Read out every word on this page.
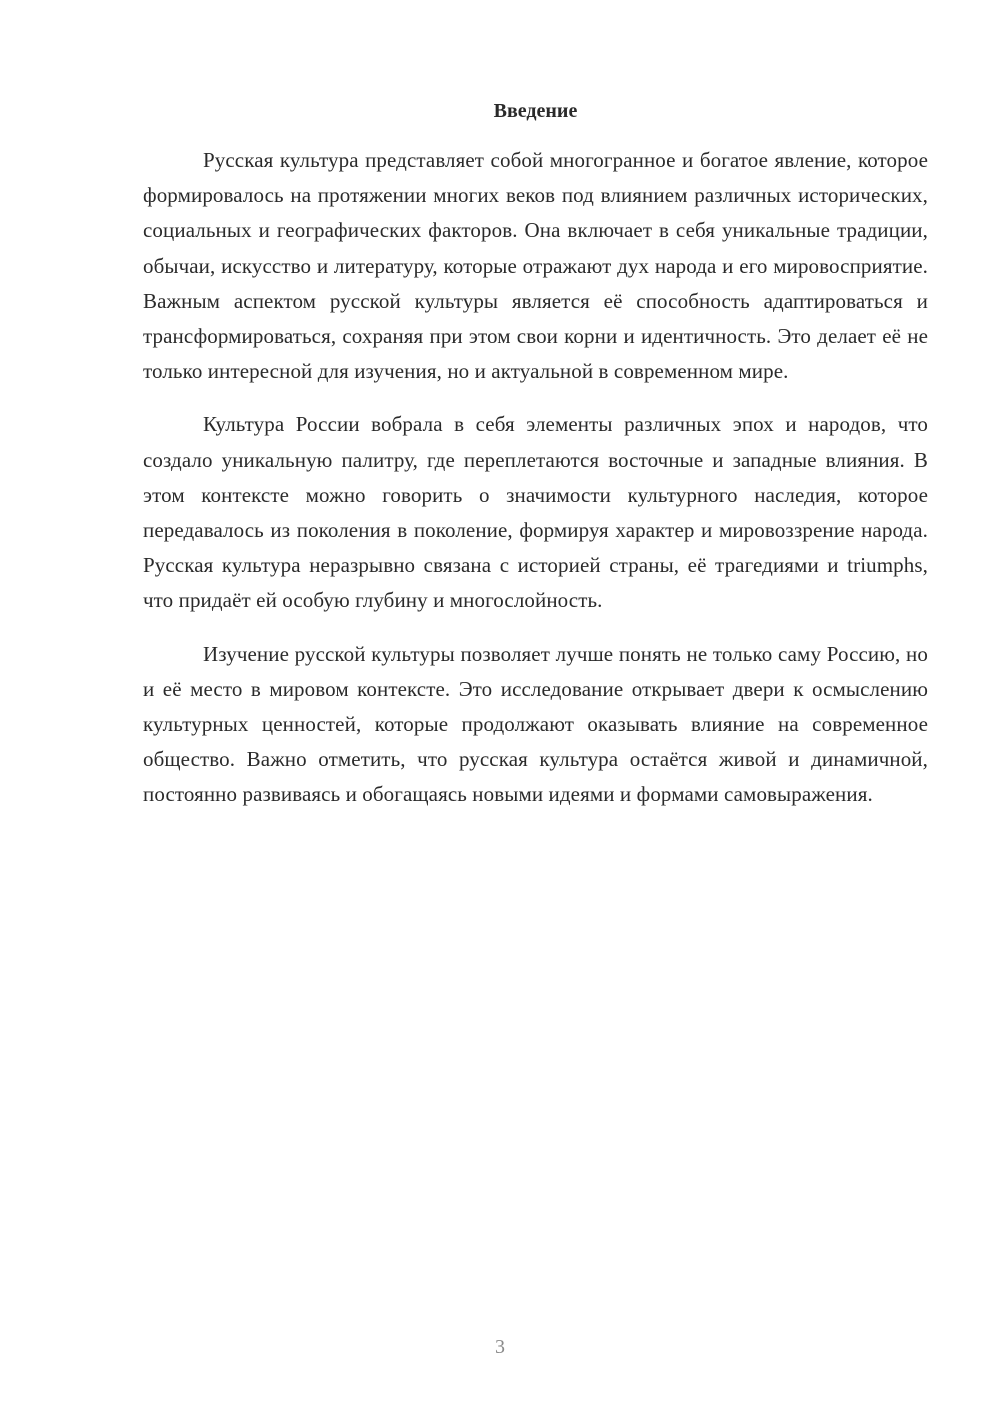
Введение

Русская культура представляет собой многогранное и богатое явление, которое формировалось на протяжении многих веков под влиянием различных исторических, социальных и географических факторов. Она включает в себя уникальные традиции, обычаи, искусство и литературу, которые отражают дух народа и его мировосприятие. Важным аспектом русской культуры является её способность адаптироваться и трансформироваться, сохраняя при этом свои корни и идентичность. Это делает её не только интересной для изучения, но и актуальной в современном мире.

Культура России вобрала в себя элементы различных эпох и народов, что создало уникальную палитру, где переплетаются восточные и западные влияния. В этом контексте можно говорить о значимости культурного наследия, которое передавалось из поколения в поколение, формируя характер и мировоззрение народа. Русская культура неразрывно связана с историей страны, её трагедиями и triumphs, что придаёт ей особую глубину и многослойность.

Изучение русской культуры позволяет лучше понять не только саму Россию, но и её место в мировом контексте. Это исследование открывает двери к осмыслению культурных ценностей, которые продолжают оказывать влияние на современное общество. Важно отметить, что русская культура остаётся живой и динамичной, постоянно развиваясь и обогащаясь новыми идеями и формами самовыражения.

3
